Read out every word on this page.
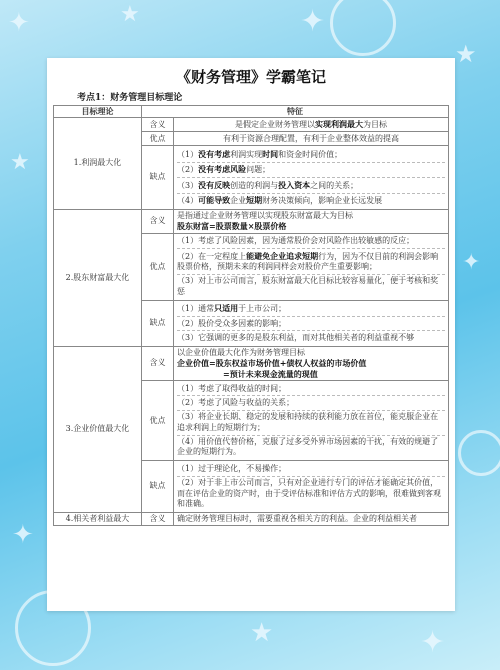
✦	★	✦
★
★
✦
✦
★	✦
《财务管理》学霸笔记
考点1：财务管理目标理论
目标理论	特征	
1.利润最大化	含义	是假定企业财务管理以实现利润最大为目标
	优点	有利于资源合理配置，有利于企业整体效益的提高
	缺点	（1）没有考虑利润实现时间和资金时间价值；
（2）没有考虑风险问题；
（3）没有反映创造的利润与投入资本之间的关系；
（4）可能导致企业短期财务决策倾向，影响企业长远发展

2.股东财富最大化	含义	是指通过企业财务管理以实现股东财富最大为目标
股东财富=股票数量×股票价格

	优点	（1）考虑了风险因素，因为通常股价会对风险作出较敏感的反应；
（2）在一定程度上能避免企业追求短期行为，因为不仅目前的利润会影响股票价格，预期未来的利润同样会对股价产生重要影响；
（3）对上市公司而言，股东财富最大化目标比较容易量化，便于考核和奖惩

	缺点	（1）通常只适用于上市公司；
（2）股价受众多因素的影响；
（3）它强调的更多的是股东利益，而对其他相关者的利益重视不够

3.企业价值最大化	含义	以企业价值最大化作为财务管理目标
企业价值=股东权益市场价值+债权人权益的市场价值
=预计未来现金流量的现值

	优点	（1）考虑了取得收益的时间；
（2）考虑了风险与收益的关系；
（3）将企业长期、稳定的发展和持续的获利能力放在首位，能克服企业在追求利润上的短期行为；
（4）用价值代替价格，克服了过多受外界市场因素的干扰，有效的规避了企业的短期行为。

	缺点	（1）过于理论化，不易操作；
（2）对于非上市公司而言，只有对企业进行专门的评估才能确定其价值，而在评估企业的资产时，由于受评估标准和评估方式的影响，很难做到客观和准确。

4.相关者利益最大	含义	确定财务管理目标时，需要重视各相关方的利益。企业的利益相关者
